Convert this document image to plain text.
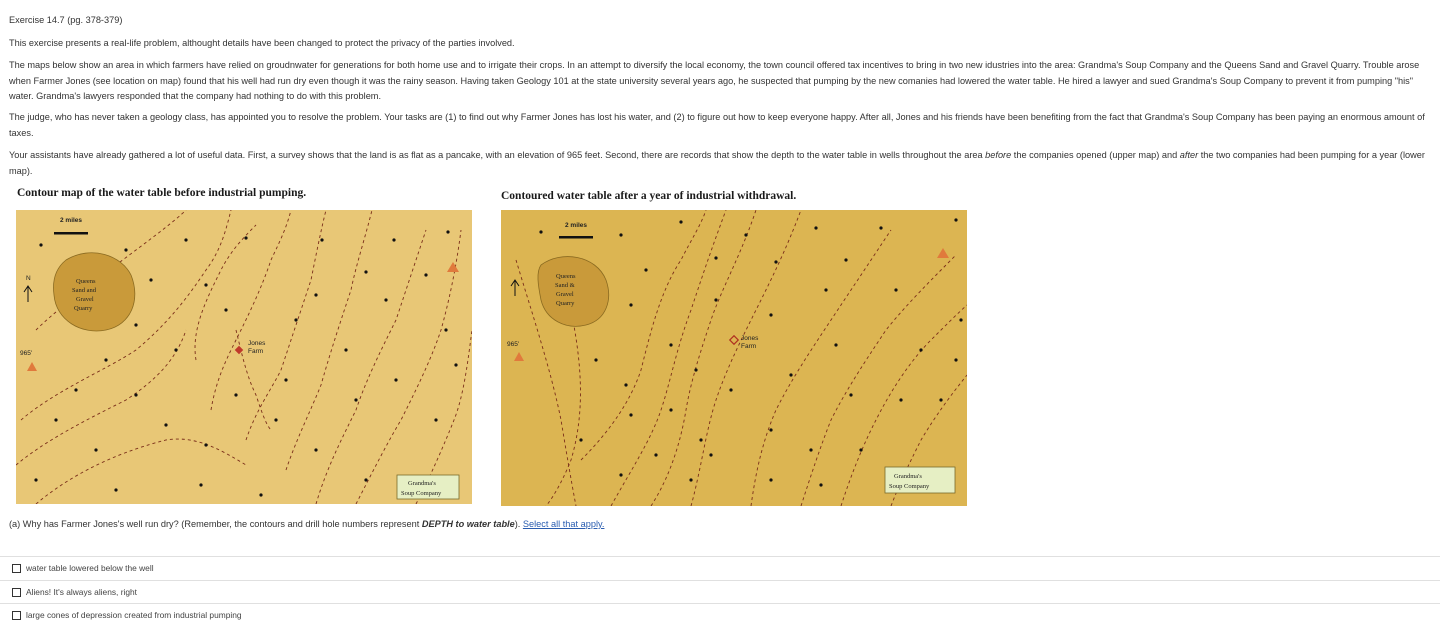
Exercise 14.7 (pg. 378-379)

This exercise presents a real-life problem, althought details have been changed to protect the privacy of the parties involved.

The maps below show an area in which farmers have relied on groudnwater for generations for both home use and to irrigate their crops. In an attempt to diversify the local economy, the town council offered tax incentives to bring in two new idustries into the area: Grandma's Soup Company and the Queens Sand and Gravel Quarry. Trouble arose when Farmer Jones (see location on map) found that his well had run dry even though it was the rainy season. Having taken Geology 101 at the state university several years ago, he suspected that pumping by the new comanies had lowered the water table. He hired a lawyer and sued Grandma's Soup Company to prevent it from pumping "his" water. Grandma's lawyers responded that the company had nothing to do with this problem.

The judge, who has never taken a geology class, has appointed you to resolve the problem. Your tasks are (1) to find out why Farmer Jones has lost his water, and (2) to figure out how to keep everyone happy. After all, Jones and his friends have been benefiting from the fact that Grandma's Soup Company has been paying an enormous amount of taxes.

Your assistants have already gathered a lot of useful data. First, a survey shows that the land is as flat as a pancake, with an elevation of 965 feet. Second, there are records that show the depth to the water table in wells throughout the area before the companies opened (upper map) and after the two companies had been pumping for a year (lower map).

Contour map of the water table before industrial pumping.	Contoured water table after a year of industrial withdrawal.
Queens
Sand and
Gravel
Quarry
2 miles
N
965'
Jones
Farm
Grandma's
Soup Company
Queens
Sand &
Gravel
Quarry
2 miles
965'
Jones
Farm
Grandma's
Soup Company
(a) Why has Farmer Jones's well run dry? (Remember, the contours and drill hole numbers represent DEPTH to water table). Select all that apply.
water table lowered below the well
Aliens! It's always aliens, right
large cones of depression created from industrial pumping
